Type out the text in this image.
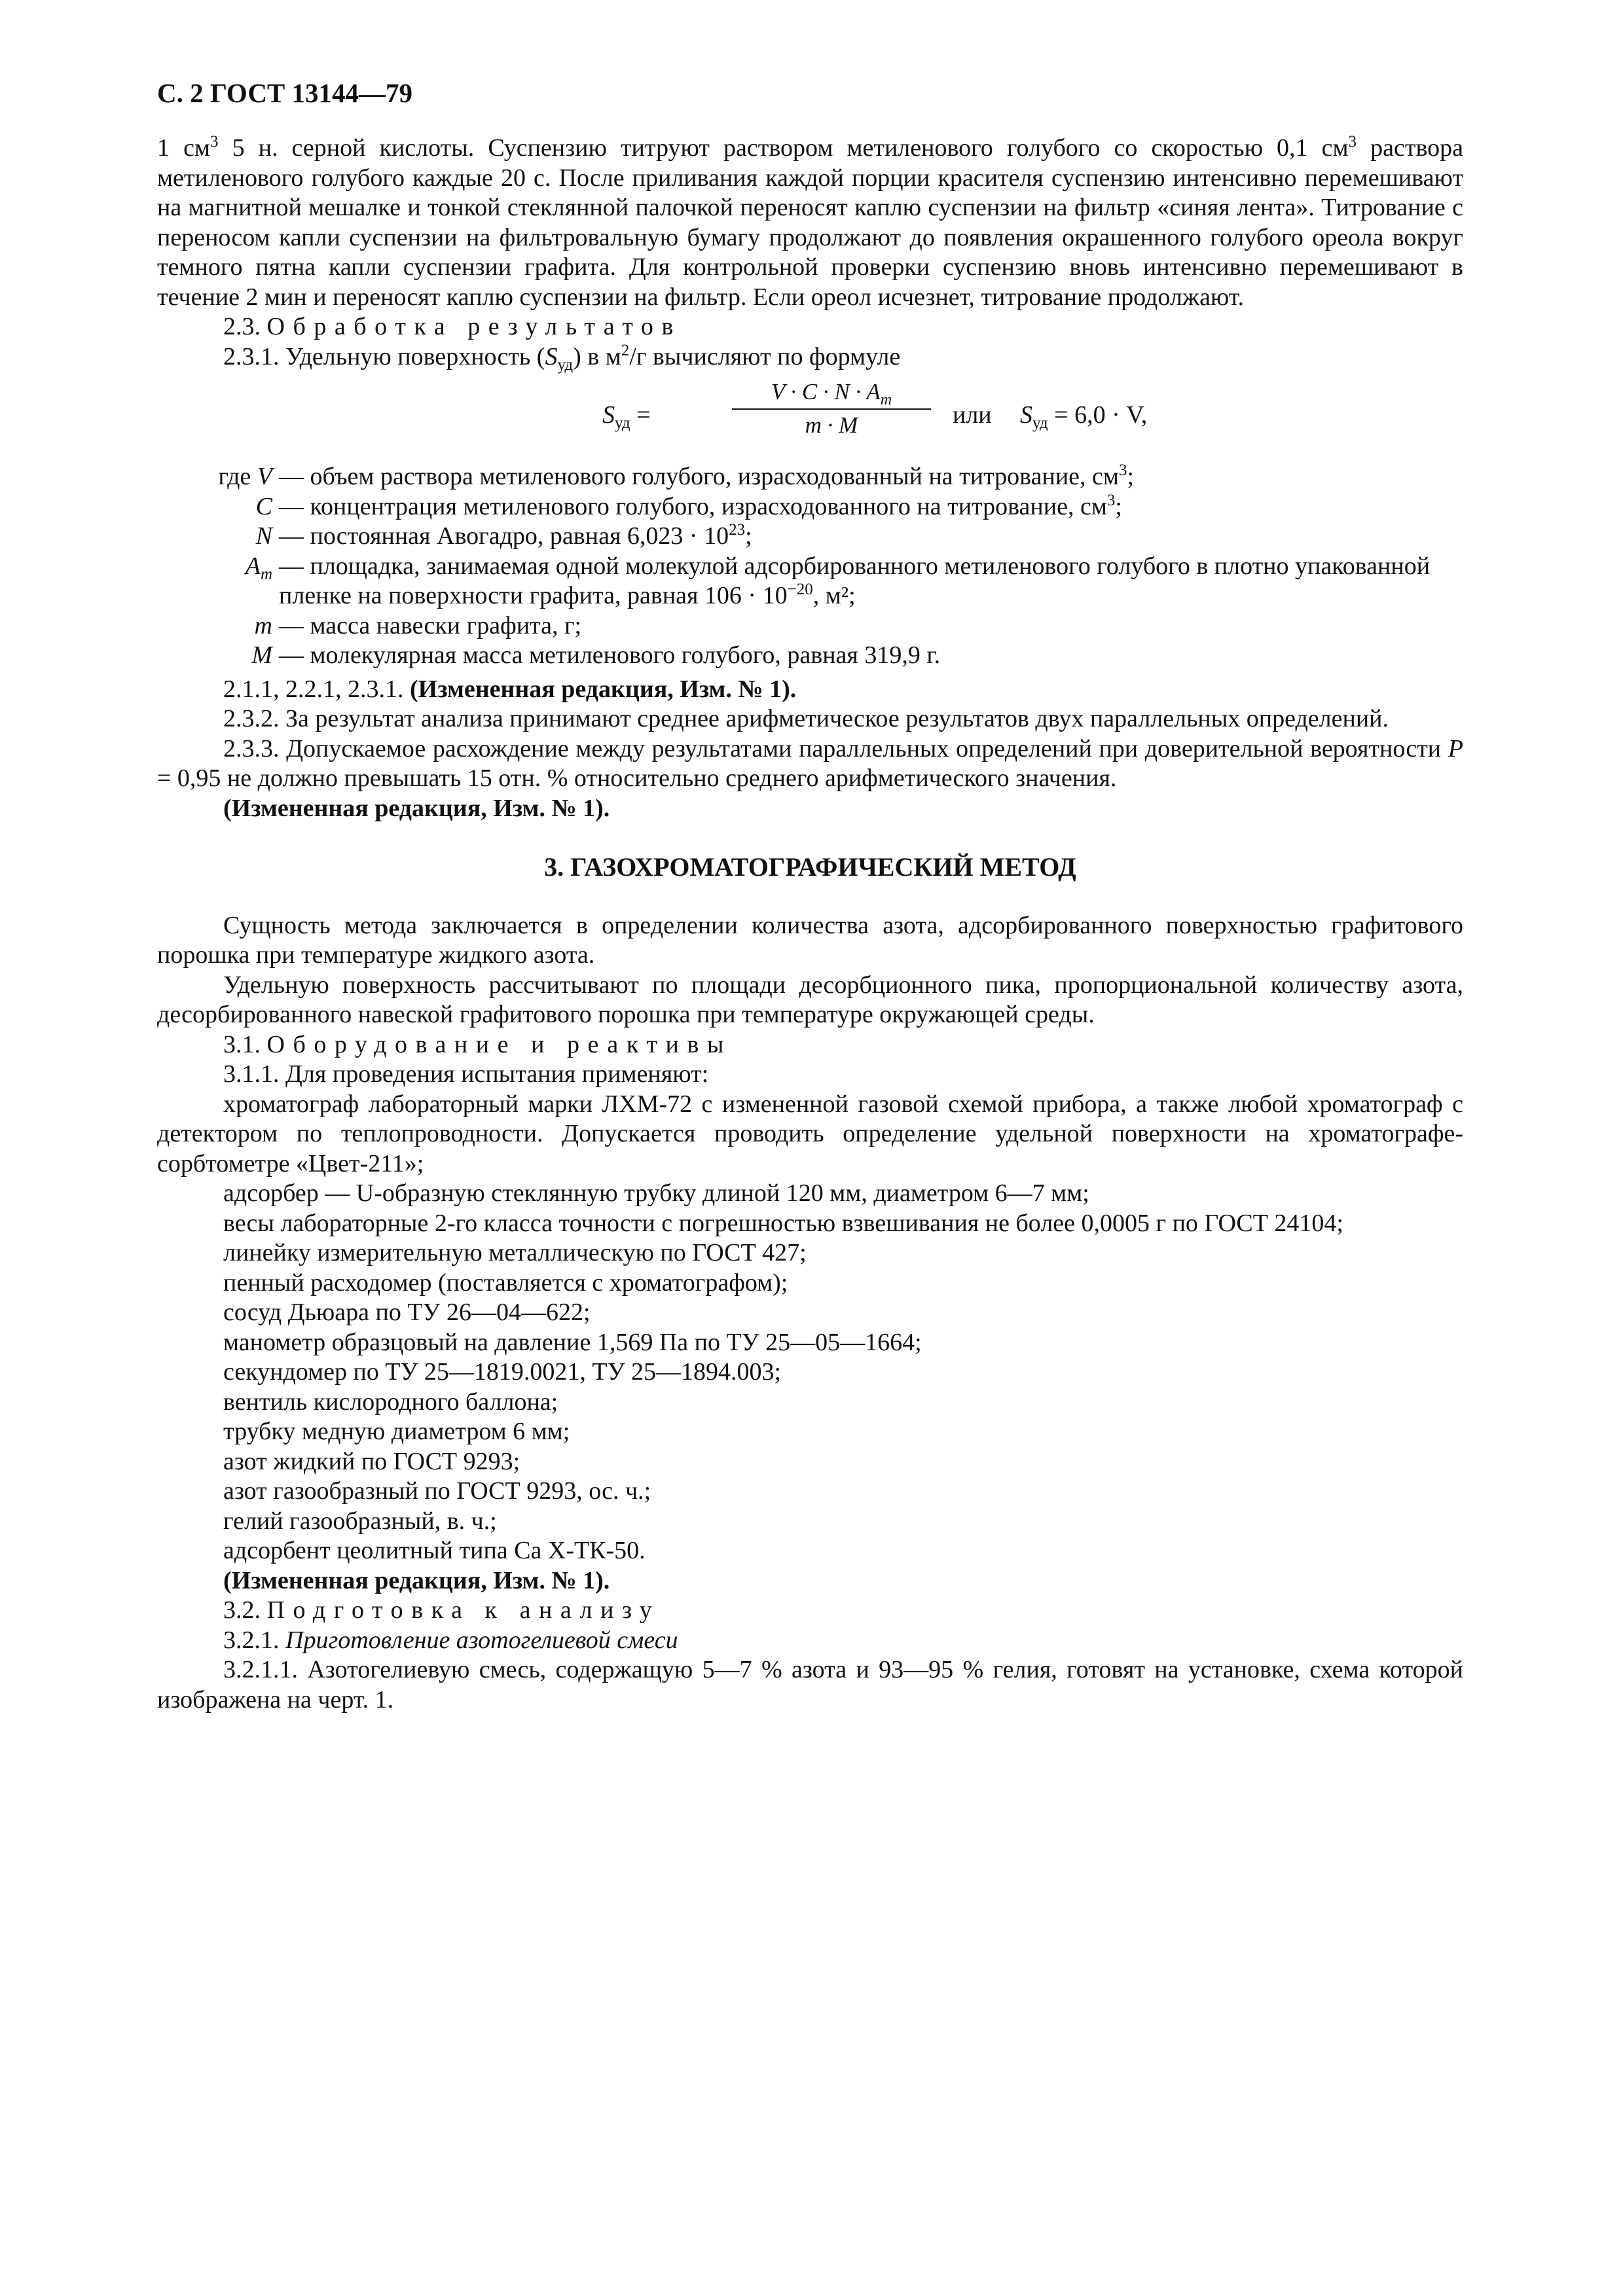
С. 2 ГОСТ 13144—79

1 $см^3$ 5 н. серной кислоты. Суспензию титруют раствором метиленового голубого со скоростью 0,1 $см^3$ раствора метиленового голубого каждые 20 с. После приливания каждой порции красителя суспензию интенсивно перемешивают на магнитной мешалке и тонкой стеклянной палочкой переносят каплю суспензии на фильтр «синяя лента». Титрование с переносом капли суспензии на фильтровальную бумагу продолжают до появления окрашенного голубого ореола вокруг темного пятна капли суспензии графита. Для контрольной проверки суспензию вновь интенсивно перемешивают в течение 2 мин и переносят каплю суспензии на фильтр. Если ореол исчезнет, титрование продолжают.

2.3. Обработка результатов

2.3.1. Удельную поверхность $(S_{уд})$ в $м^2/г$ вычисляют по формуле

$S_{уд}$ =
$V \cdot C \cdot N \cdot A_m$
m · M	или $S_{уд} = 6,0 \cdot V$,
где V — объем раствора метиленового голубого, израсходованный на титрование, $см^3$;
C — концентрация метиленового голубого, израсходованного на титрование, $см^3$;
N — постоянная Авогадро, равная $6,023 \cdot 10^{23}$;
$A_m$ — площадка, занимаемая одной молекулой адсорбированного метиленового голубого в плотно упакованной пленке на поверхности графита, равная $106 \cdot 10^{-20}$, м²;
m — масса навески графита, г;
M — молекулярная масса метиленового голубого, равная 319,9 г.

2.1.1, 2.2.1, 2.3.1. (Измененная редакция, Изм. № 1).

2.3.2. За результат анализа принимают среднее арифметическое результатов двух параллельных определений.

2.3.3. Допускаемое расхождение между результатами параллельных определений при доверительной вероятности P = 0,95 не должно превышать 15 отн. % относительно среднего арифметического значения.

(Измененная редакция, Изм. № 1).

3. ГАЗОХРОМАТОГРАФИЧЕСКИЙ МЕТОД

Сущность метода заключается в определении количества азота, адсорбированного поверхностью графитового порошка при температуре жидкого азота.

Удельную поверхность рассчитывают по площади десорбционного пика, пропорциональной количеству азота, десорбированного навеской графитового порошка при температуре окружающей среды.

3.1. Оборудование и реактивы

3.1.1. Для проведения испытания применяют:

хроматограф лабораторный марки ЛХМ-72 с измененной газовой схемой прибора, а также любой хроматограф с детектором по теплопроводности. Допускается проводить определение удельной поверхности на хроматографе-сорбтометре «Цвет-211»;

адсорбер — U-образную стеклянную трубку длиной 120 мм, диаметром 6—7 мм;

весы лабораторные 2-го класса точности с погрешностью взвешивания не более 0,0005 г по ГОСТ 24104;

линейку измерительную металлическую по ГОСТ 427;

пенный расходомер (поставляется с хроматографом);

сосуд Дьюара по ТУ 26—04—622;

манометр образцовый на давление 1,569 Па по ТУ 25—05—1664;

секундомер по ТУ 25—1819.0021, ТУ 25—1894.003;

вентиль кислородного баллона;

трубку медную диаметром 6 мм;

азот жидкий по ГОСТ 9293;

азот газообразный по ГОСТ 9293, ос. ч.;

гелий газообразный, в. ч.;

адсорбент цеолитный типа Са Х-ТК-50.

(Измененная редакция, Изм. № 1).

3.2. Подготовка к анализу

3.2.1. Приготовление азотогелиевой смеси

3.2.1.1. Азотогелиевую смесь, содержащую 5—7 % азота и 93—95 % гелия, готовят на установке, схема которой изображена на черт. 1.
